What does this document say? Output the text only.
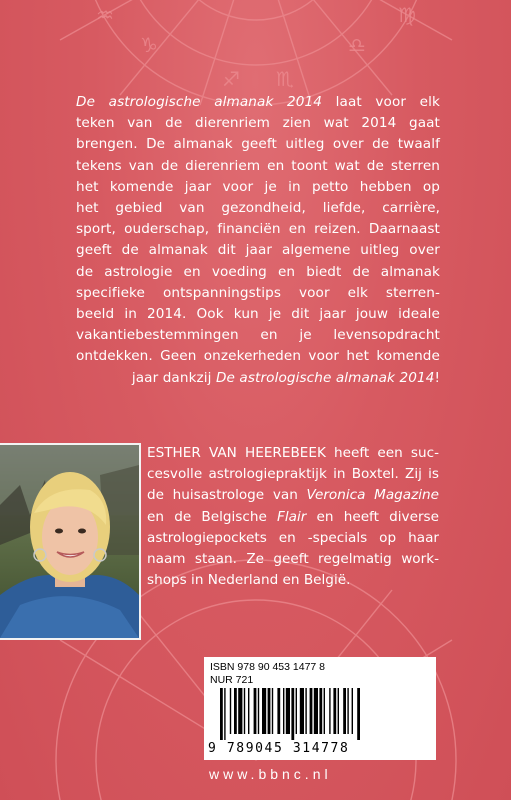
♑
♐ ♏
♎
♒	♍
De astrologische almanak 2014 laat voor elk
teken van de dierenriem zien wat 2014 gaat
brengen. De almanak geeft uitleg over de twaalf
tekens van de dierenriem en toont wat de sterren
het komende jaar voor je in petto hebben op
het gebied van gezondheid, liefde, carrière,
sport, ouderschap, financiën en reizen. Daarnaast
geeft de almanak dit jaar algemene uitleg over
de astrologie en voeding en biedt de almanak
specifieke ontspanningstips voor elk sterren-
beeld in 2014. Ook kun je dit jaar jouw ideale
vakantiebestemmingen en je levensopdracht
ontdekken. Geen onzekerheden voor het komende
jaar dankzij De astrologische almanak 2014!
ESTHER VAN HEEREBEEK heeft een suc-
cesvolle astrologiepraktijk in Boxtel. Zij is
de huisastrologe van Veronica Magazine
en de Belgische Flair en heeft diverse
astrologiepockets en -specials op haar
naam staan. Ze geeft regelmatig work-
shops in Nederland en België.
ISBN 978 90 453 1477 8
NUR 721
9 789045 314778
www.bbnc.nl
